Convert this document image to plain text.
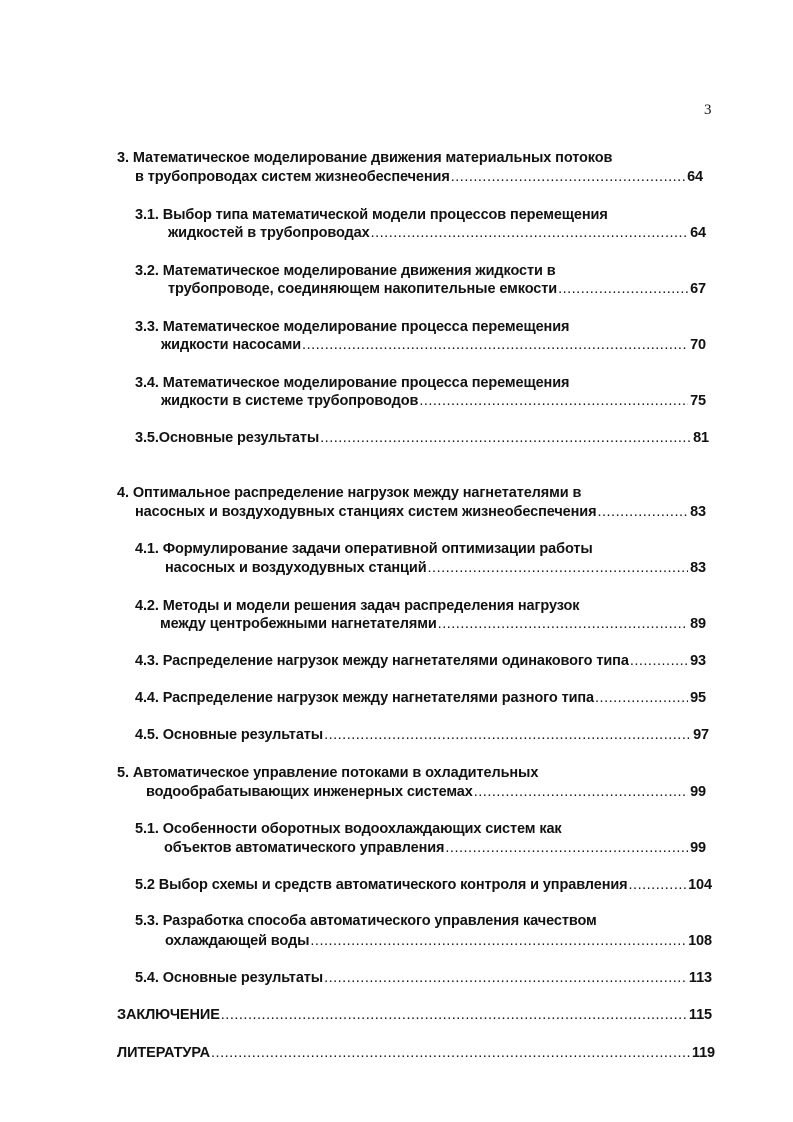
3
3. Математическое моделирование движения материальных потоков
в трубопроводах систем жизнеобеспечения .....	64
3.1. Выбор типа математической модели процессов перемещения
жидкостей в трубопроводах .....	64
3.2. Математическое моделирование движения жидкости в
трубопроводе, соединяющем накопительные емкости .....	67
3.3. Математическое моделирование процесса перемещения
жидкости насосами .....	70
3.4. Математическое моделирование процесса перемещения
жидкости в системе трубопроводов .....	75
3.5.Основные результаты .....	81
4. Оптимальное распределение нагрузок между нагнетателями в
насосных и воздуходувных станциях систем жизнеобеспечения .....	83
4.1. Формулирование задачи оперативной оптимизации работы
насосных и воздуходувных станций .....	83
4.2. Методы и модели решения задач распределения нагрузок
между центробежными нагнетателями .....	89
4.3. Распределение нагрузок между нагнетателями одинакового типа .....	93
4.4. Распределение нагрузок между нагнетателями разного типа .....	95
4.5. Основные результаты .....	97
5. Автоматическое управление потоками в охладительных
водообрабатывающих инженерных системах .....	99
5.1. Особенности оборотных водоохлаждающих систем как
объектов автоматического управления .....	99
5.2 Выбор схемы и средств автоматического контроля и управления .....	104
5.3. Разработка способа автоматического управления качеством
охлаждающей воды .....	108
5.4. Основные результаты .....	113
ЗАКЛЮЧЕНИЕ .....	115
ЛИТЕРАТУРА .....	119
